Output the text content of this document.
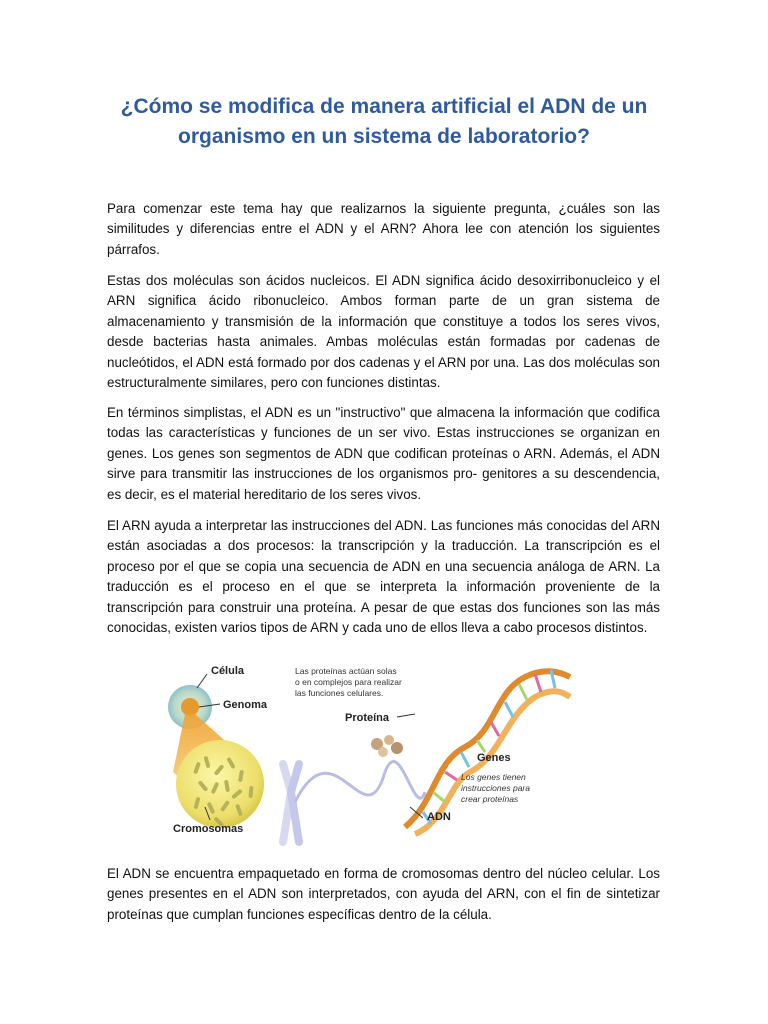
¿Cómo se modifica de manera artificial el ADN de un organismo en un sistema de laboratorio?

Para comenzar este tema hay que realizarnos la siguiente pregunta, ¿cuáles son las similitudes y diferencias entre el ADN y el ARN? Ahora lee con atención los siguientes párrafos.

Estas dos moléculas son ácidos nucleicos. El ADN significa ácido desoxirribonucleico y el ARN significa ácido ribonucleico. Ambos forman parte de un gran sistema de almacenamiento y transmisión de la información que constituye a todos los seres vivos, desde bacterias hasta animales. Ambas moléculas están formadas por cadenas de nucleótidos, el ADN está formado por dos cadenas y el ARN por una. Las dos moléculas son estructuralmente similares, pero con funciones distintas.

En términos simplistas, el ADN es un "instructivo" que almacena la información que codifica todas las características y funciones de un ser vivo. Estas instrucciones se organizan en genes. Los genes son segmentos de ADN que codifican proteínas o ARN. Además, el ADN sirve para transmitir las instrucciones de los organismos pro- genitores a su descendencia, es decir, es el material hereditario de los seres vivos.

El ARN ayuda a interpretar las instrucciones del ADN. Las funciones más conocidas del ARN están asociadas a dos procesos: la transcripción y la traducción. La transcripción es el proceso por el que se copia una secuencia de ADN en una secuencia análoga de ARN. La traducción es el proceso en el que se interpreta la información proveniente de la transcripción para construir una proteína. A pesar de que estas dos funciones son las más conocidas, existen varios tipos de ARN y cada uno de ellos lleva a cabo procesos distintos.

Célula
Genoma
Cromosomas
Proteína
ADN
Genes
Las proteínas actúan solas o en complejos para realizar las funciones celulares.
Los genes tienen instrucciones para crear proteínas

El ADN se encuentra empaquetado en forma de cromosomas dentro del núcleo celular. Los genes presentes en el ADN son interpretados, con ayuda del ARN, con el fin de sintetizar proteínas que cumplan funciones específicas dentro de la célula.
